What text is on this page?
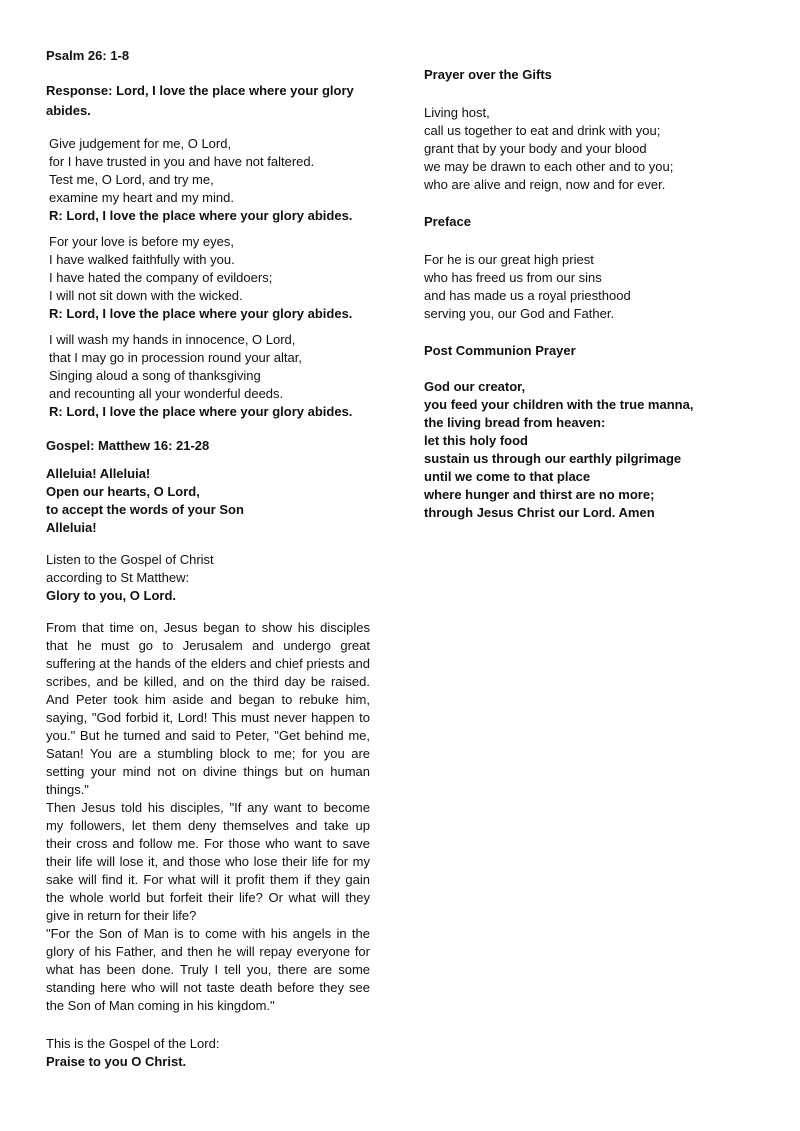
Psalm 26: 1-8
Response: Lord, I love the place where your glory
abides.
Give judgement for me, O Lord,
for I have trusted in you and have not faltered.
Test me, O Lord, and try me,
examine my heart and my mind.
R: Lord, I love the place where your glory abides.
For your love is before my eyes,
I have walked faithfully with you.
I have hated the company of evildoers;
I will not sit down with the wicked.
R: Lord, I love the place where your glory abides.
I will wash my hands in innocence, O Lord,
that I may go in procession round your altar,
Singing aloud a song of thanksgiving
and recounting all your wonderful deeds.
R: Lord, I love the place where your glory abides.
Gospel: Matthew 16: 21-28
Alleluia! Alleluia!
Open our hearts, O Lord,
to accept the words of your Son
Alleluia!
Listen to the Gospel of Christ
according to St Matthew:
Glory to you, O Lord.

From that time on, Jesus began to show his disciples that he must go to Jerusalem and undergo great suffering at the hands of the elders and chief priests and scribes, and be killed, and on the third day be raised. And Peter took him aside and began to rebuke him, saying, "God forbid it, Lord! This must never happen to you." But he turned and said to Peter, "Get behind me, Satan! You are a stumbling block to me; for you are setting your mind not on divine things but on human things."

Then Jesus told his disciples, "If any want to become my followers, let them deny themselves and take up their cross and follow me. For those who want to save their life will lose it, and those who lose their life for my sake will find it. For what will it profit them if they gain the whole world but forfeit their life? Or what will they give in return for their life?

"For the Son of Man is to come with his angels in the glory of his Father, and then he will repay everyone for what has been done. Truly I tell you, there are some standing here who will not taste death before they see the Son of Man coming in his kingdom."

This is the Gospel of the Lord:
Praise to you O Christ.
Prayer over the Gifts
Living host,
call us together to eat and drink with you;
grant that by your body and your blood
we may be drawn to each other and to you;
who are alive and reign, now and for ever.
Preface
For he is our great high priest
who has freed us from our sins
and has made us a royal priesthood
serving you, our God and Father.
Post Communion Prayer
God our creator,
you feed your children with the true manna,
the living bread from heaven:
let this holy food
sustain us through our earthly pilgrimage
until we come to that place
where hunger and thirst are no more;
through Jesus Christ our Lord. Amen
